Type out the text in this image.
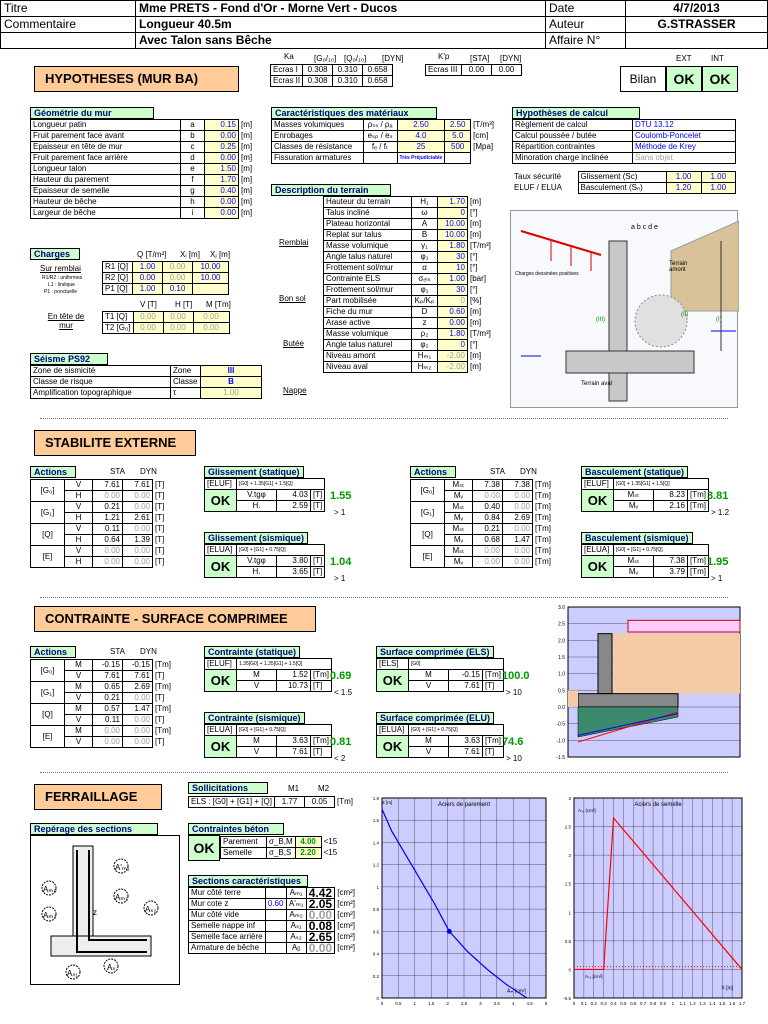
Titre	Mme PRETS - Fond d'Or - Morne Vert - Ducos	Date	4/7/2013
Commentaire	Longueur 40.5m	Auteur	G.STRASSER
	Avec Talon sans Bêche	Affaire N°	
HYPOTHESES (MUR BA)
Ka	[G₀/₁₀] [Q₀/₁₀] [DYN]	K'p	[STA] [DYN]
Ecras I	0.308	0.310	0.658
Ecras II	0.308	0.310	0.658
Ecras III	0.00	0.00
EXT INT
Bilan	OK	OK
Géométrie du mur
Longueur patin	a	0.15	[m]
Fruit parement face avant	b	0.00	[m]
Epaisseur en tête de mur	c	0.25	[m]
Fruit parement face arrière	d	0.00	[m]
Longueur talon	e	1.50	[m]
Hauteur du parement	f	1.70	[m]
Epaisseur de semelle	g	0.40	[m]
Hauteur de bêche	h	0.00	[m]
Largeur de bêche	i	0.00	[m]
Caractéristiques des matériaux
Masses volumiques	ρₛₛ / ρₐ	2.50	2.50	[T/m³]
Enrobages	eₛₚ / eₛ	4.0	5.0	[cm]
Classes de résistance	fₑ / fₜ	25	500	[Mpa]
Fissuration armatures		Très Préjudiciable		
Hypothèses de calcul
Règlement de calcul	DTU 13.12
Calcul poussée / butée	Coulomb-Poncelet
Répartition contraintes	Méthode de Krey
Minoration charge inclinée	Sans objet
Taux sécurité	Glissement (Sᴄ)	1.00	1.00
ELUF / ELUA	Basculement (Sₙ)	1.20	1.00
Description du terrain
Remblai
Bon sol
Butée
Nappe
Hauteur du terrain	H₁	1.70	[m]
Talus incliné	ω	0	[°]
Plateau horizontal	A	10.00	[m]
Replat sur talus	B	10.00	[m]
Masse volumique	γ₁	1.80	[T/m³]
Angle talus naturel	φ₁	30	[°]
Frottement sol/mur	α	10	[°]
Contrainte ELS	σₑₗₛ	1.00	[bar]
Frottement sol/mur	φ₁	30	[°]
Part mobilisée	Kₚ/Kₚ	0	[%]
Fiche du mur	D	0.60	[m]
Arase active	z	0.00	[m]
Masse volumique	ρ₂	1.80	[T/m³]
Angle talus naturel	φ₂	0	[°]
Niveau amont	Hₘ₁	-2.00	[m]
Niveau aval	Hₘ₂	-2.00	[m]
Charges	Q [T/m²] Xᵢ [m] Xⱼ [m]
Sur remblai
R1/R2 : uniformes
L1 : linéique
P1 : ponctuelle
R1 [Q]	1.00	0.00	10.00
R2 [Q]	0.00	0.00	10.00
P1 [Q]	1.00	0.10	
V [T] H [T] M [Tm]
En tête de mur
T1 [Q]	0.00	0.00	0.00
T2 [G₀]	0.00	0.00	0.00
Séisme PS92
Zone de sismicité	Zone	III
Classe de risque	Classe	B
Amplification topographique	τ	1.00
a b c d e
(II)
(I)
(III)
Charges dessinées positives
Terrain amont
Terrain aval
STABILITE EXTERNE
Actions	STA DYN
[G₀]	V	7.61	7.61	[T]
	H	0.00	0.00	[T]
[G₁]	V	0.21	0.00	[T]
	H	1.21	2.61	[T]
[Q]	V	0.11	0.00	[T]
	H	0.64	1.39	[T]
[E]	V	0.00	0.00	[T]
	H	0.00	0.00	[T]
Actions	STA DYN
[G₀]	Mₛₜ	7.38	7.38	[Tm]
	Mᵥ	0.00	0.00	[Tm]
[G₁]	Mₛₜ	0.40	0.00	[Tm]
	Mᵥ	0.84	2.69	[Tm]
[Q]	Mₛₜ	0.21	0.00	[Tm]
	Mᵥ	0.68	1.47	[Tm]
[E]	Mₛₜ	0.00	0.00	[Tm]
	Mᵥ	0.00	0.00	[Tm]
Glissement (statique)
[ELUF]	[G0] + 1.35[G1] + 1.5[Q]		
OK	V.tgφ	4.03	[T]
	H.	2.59	[T]
1.55
> 1
Glissement (sismique)
[ELUA]	[G0] + [G1] + 0.75[Q]		
OK	V.tgφ	3.80	[T]
	H.	3.65	[T]
1.04
> 1
Basculement (statique)
[ELUF]	[G0] + 1.35[G1] + 1.5[Q]		
OK	Mₛₜ	8.23	[Tm]
	Mᵥ	2.16	[Tm]
3.81
> 1.2
Basculement (sismique)
[ELUA]	[G0] + [G1] + 0.75[Q]		
OK	Mₛₜ	7.38	[Tm]
	Mᵥ	3.79	[Tm]
1.95
> 1
CONTRAINTE - SURFACE COMPRIMEE
Actions	STA DYN
[G₀]	M	-0.15	-0.15	[Tm]
	V	7.61	7.61	[T]
[G₁]	M	0.65	2.69	[Tm]
	V	0.21	0.00	[T]
[Q]	M	0.57	1.47	[Tm]
	V	0.11	0.00	[T]
[E]	M	0.00	0.00	[Tm]
	V	0.00	0.00	[T]
Contrainte (statique)
[ELUF]	1.35[G0] + 1.35[G1] + 1.5[Q]		
OK	M	1.52	[Tm]
	V	10.73	[T]
0.69
< 1.5
Contrainte (sismique)
[ELUA]	[G0] + [G1] + 0.75[Q]		
OK	M	3.63	[Tm]
	V	7.61	[T]
0.81
< 2
Surface comprimée (ELS)
[ELS]	[G0]		
OK	M	-0.15	[Tm]
	V	7.61	[T]
100.0
> 10
Surface comprimée (ELU)
[ELUA]	[G0] + [G1] + 0.75[Q]		
OK	M	3.63	[Tm]
	V	7.61	[T]
74.6
> 10
3.0
2.5
2.0
1.5
1.0
0.5
0.0
-0.5
-1.0
-1.5
FERRAILLAGE
Sollicitations	M1 M2
ELS : [G0] + [G1] + [Q]	1.77	0.05	[Tm]
Repérage des sections
A'ₘ₁
Aₘ₀
Aₘ₁
Aₘ₂
Aₛ₂
Aₛ
Aₛ₁
z
Contraintes béton
OK	Parement	σ_B,M	4.00	<15
Semelle	σ_B,S	2.20	<15
Sections caractéristiques
Mur côté terre		Aₘ₁	4.42	[cm²]
Mur cote z	0.60	A'ₘ₁	2.05	[cm²]
Mur côté vide		Aₘ₂	0.00	[cm²]
Semelle nappe inf		Aₛ₁	0.08	[cm²]
Semelle face arrière		Aₛ₂	2.65	[cm²]
Armature de bêche		Aᵦ	0.00	[cm²]
0	0.5	1	1.5	2	2.5	3	3.5	4	4.5	5
0
0.2
0.4
0.6
0.8
1
1.2
1.4
1.6
1.8
Aciers de parement
Z [m]
Aₘ [cm²]
0 0.1 0.2 0.3 0.4 0.5 0.6 0.7 0.8 0.9 1 1.1 1.2 1.3 1.4 1.5 1.6 1.7
-0.5
0
0.5
1
1.5
2
2.5
3
Aciers de semelle
Aₛ₂ [cm²]
X [m]
Aₛ₁ [cm²]
